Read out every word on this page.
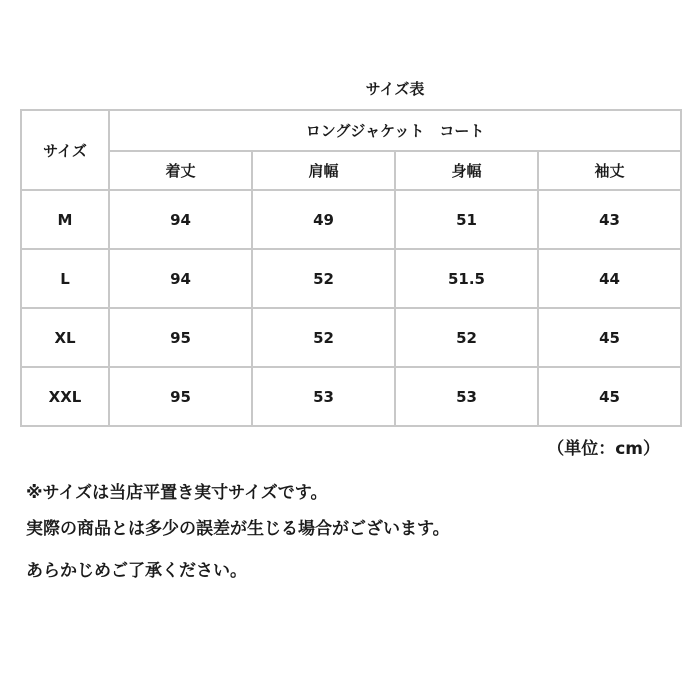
サイズ表
サイズ	ロングジャケット　コート			
	着丈	肩幅	身幅	袖丈
M	94	49	51	43
L	94	52	51.5	44
XL	95	52	52	45
XXL	95	53	53	45
（単位：cm）
※サイズは当店平置き実寸サイズです。
実際の商品とは多少の誤差が生じる場合がございます。
あらかじめご了承ください。
